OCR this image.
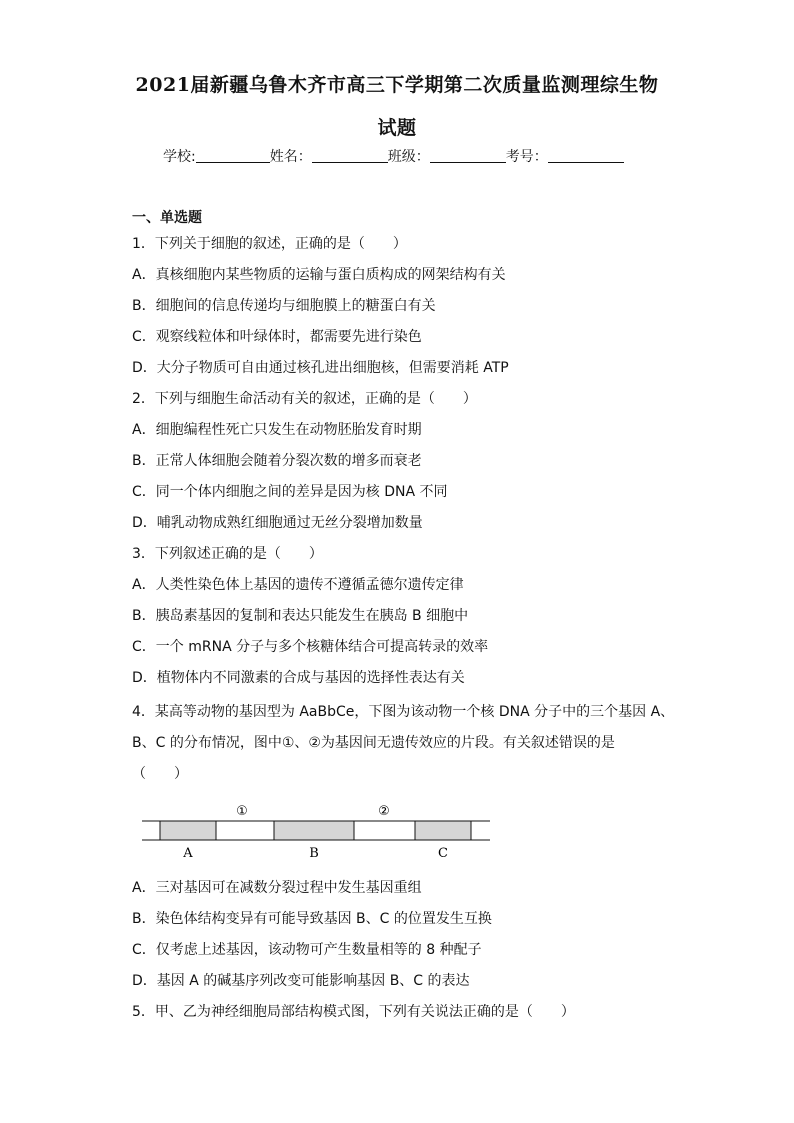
2021届新疆乌鲁木齐市高三下学期第二次质量监测理综生物
试题
学校:	姓名：	班级：	考号：
一、单选题
1．下列关于细胞的叙述，正确的是（　　）
A．真核细胞内某些物质的运输与蛋白质构成的网架结构有关
B．细胞间的信息传递均与细胞膜上的糖蛋白有关
C．观察线粒体和叶绿体时，都需要先进行染色
D．大分子物质可自由通过核孔进出细胞核，但需要消耗 ATP
2．下列与细胞生命活动有关的叙述，正确的是（　　）
A．细胞编程性死亡只发生在动物胚胎发育时期
B．正常人体细胞会随着分裂次数的增多而衰老
C．同一个体内细胞之间的差异是因为核 DNA 不同
D．哺乳动物成熟红细胞通过无丝分裂增加数量
3．下列叙述正确的是（　　）
A．人类性染色体上基因的遗传不遵循孟德尔遗传定律
B．胰岛素基因的复制和表达只能发生在胰岛 B 细胞中
C．一个 mRNA 分子与多个核糖体结合可提高转录的效率
D．植物体内不同激素的合成与基因的选择性表达有关
4．某高等动物的基因型为 AaBbCe，下图为该动物一个核 DNA 分子中的三个基因 A、
B、C 的分布情况，图中①、②为基因间无遗传效应的片段。有关叙述错误的是
（　　）
①	②
A	B	C
A．三对基因可在减数分裂过程中发生基因重组
B．染色体结构变异有可能导致基因 B、C 的位置发生互换
C．仅考虑上述基因，该动物可产生数量相等的 8 种配子
D．基因 A 的碱基序列改变可能影响基因 B、C 的表达
5．甲、乙为神经细胞局部结构模式图，下列有关说法正确的是（　　）
